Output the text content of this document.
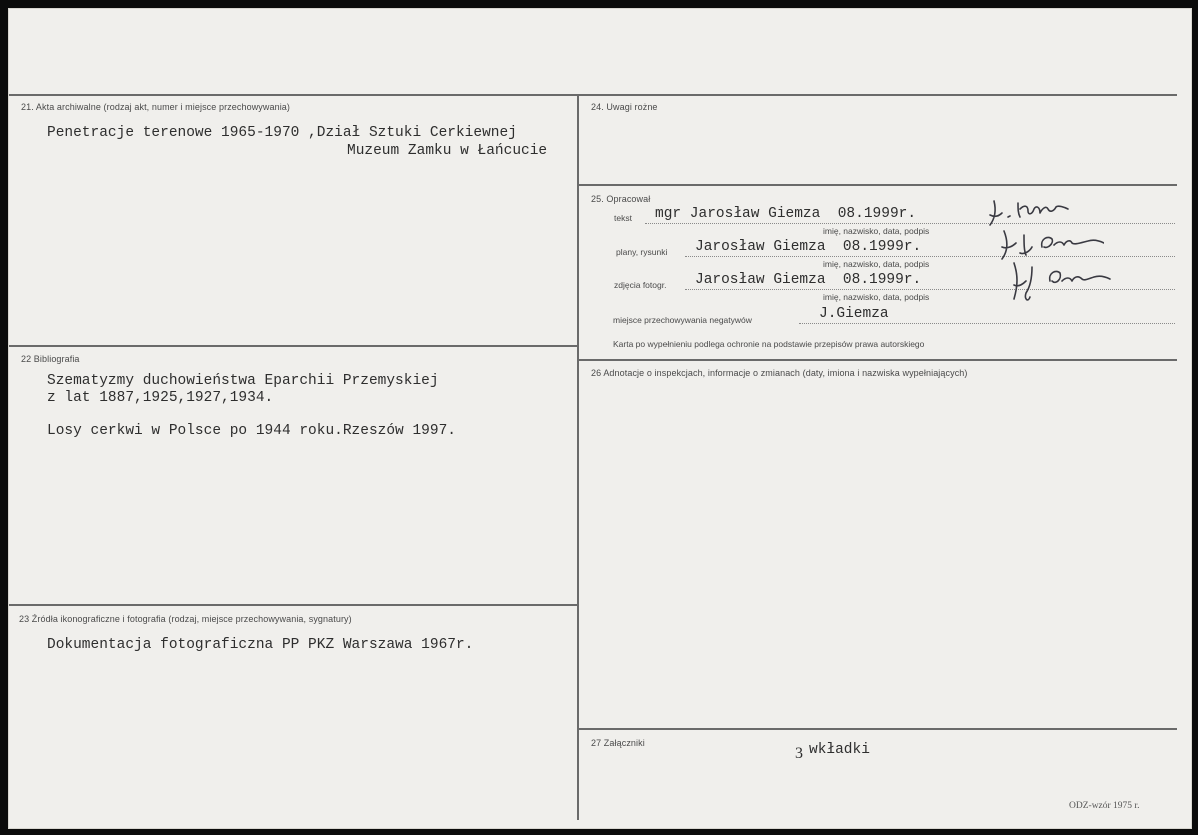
21. Akta archiwalne (rodzaj akt, numer i miejsce przechowywania)
Penetracje terenowe 1965-1970 ,Dział Sztuki Cerkiewnej
Muzeum Zamku w Łańcucie
22 Bibliografia
Szematyzmy duchowieństwa Eparchii Przemyskiej
z lat 1887,1925,1927,1934.
Losy cerkwi w Polsce po 1944 roku.Rzeszów 1997.
23 Źródła ikonograficzne i fotografia (rodzaj, miejsce przechowywania, sygnatury)
Dokumentacja fotograficzna PP PKZ Warszawa 1967r.
24. Uwagi rożne
25. Opracował
tekst mgr Jarosław Giemza  08.1999r.
imię, nazwisko, data, podpis
plany, rysunki Jarosław Giemza  08.1999r.
imię, nazwisko, data, podpis
zdjęcia fotogr. Jarosław Giemza  08.1999r.
imię, nazwisko, data, podpis
miejsce przechowywania negatywów	J.Giemza
Karta po wypełnieniu podlega ochronie na podstawie przepisów prawa autorskiego
26 Adnotacje o inspekcjach, informacje o zmianach (daty, imiona i nazwiska wypełniających)
27 Załączniki
3 wkładki
ODZ-wzór 1975 r.
